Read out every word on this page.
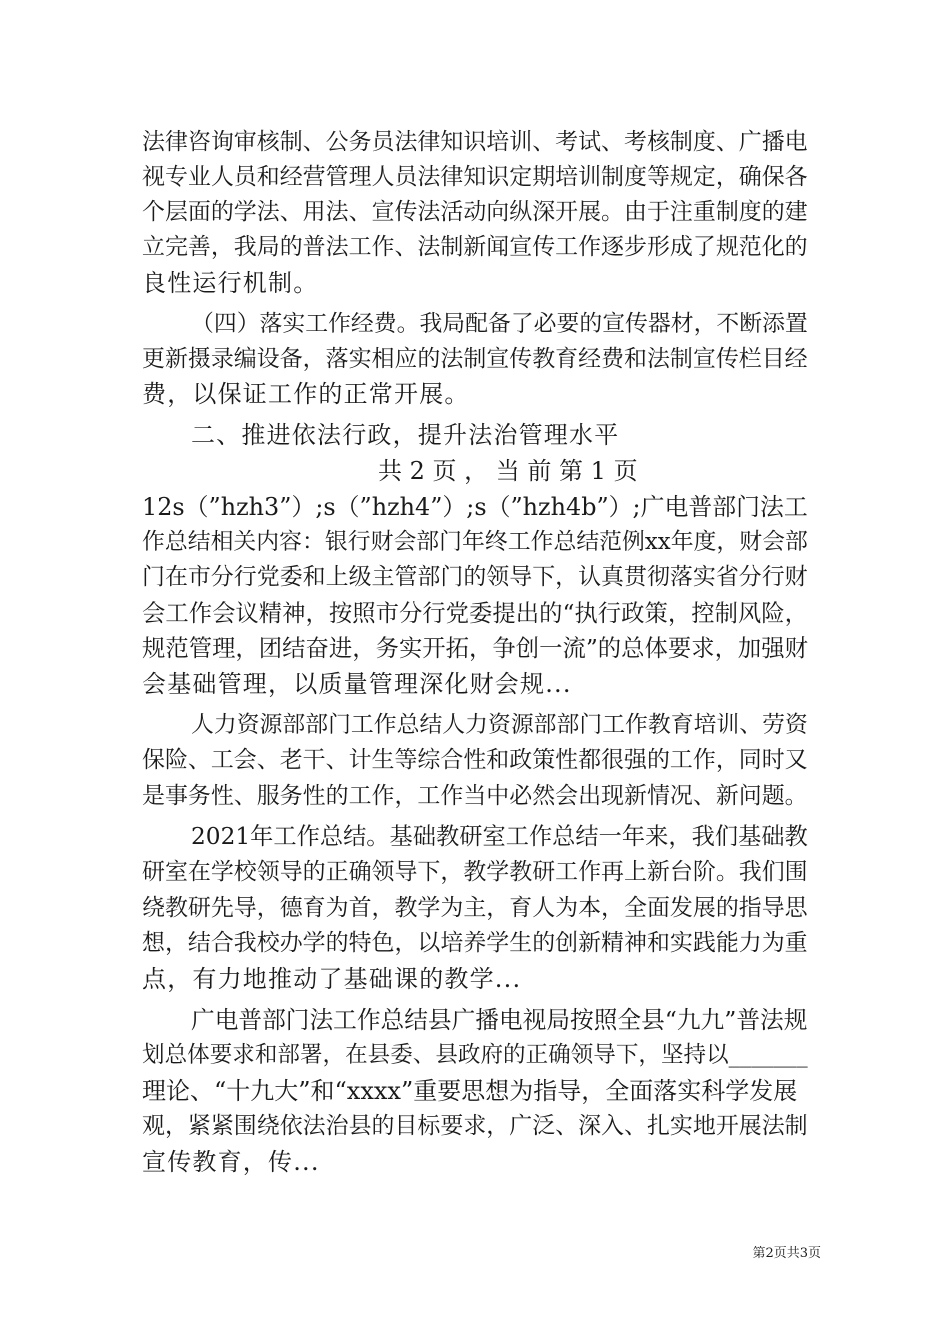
法律咨询审核制、公务员法律知识培训、考试、考核制度、广播电
视专业人员和经营管理人员法律知识定期培训制度等规定，确保各
个层面的学法、用法、宣传法活动向纵深开展。由于注重制度的建
立完善，我局的普法工作、法制新闻宣传工作逐步形成了规范化的
良性运行机制。
（四）落实工作经费。我局配备了必要的宣传器材，不断添置
更新摄录编设备，落实相应的法制宣传教育经费和法制宣传栏目经
费，以保证工作的正常开展。
二、推进依法行政，提升法治管理水平
共 2 页 ， 当 前 第 1 页
12s（”hzh3”）;s（”hzh4”）;s（”hzh4b”）;广电普部门法工
作总结相关内容：银行财会部门年终工作总结范例xx年度，财会部
门在市分行党委和上级主管部门的领导下，认真贯彻落实省分行财
会工作会议精神，按照市分行党委提出的“执行政策，控制风险，
规范管理，团结奋进，务实开拓，争创一流”的总体要求，加强财
会基础管理，以质量管理深化财会规...
人力资源部部门工作总结人力资源部部门工作教育培训、劳资
保险、工会、老干、计生等综合性和政策性都很强的工作，同时又
是事务性、服务性的工作，工作当中必然会出现新情况、新问题。
2021年工作总结。基础教研室工作总结一年来，我们基础教
研室在学校领导的正确领导下，教学教研工作再上新台阶。我们围
绕教研先导，德育为首，教学为主，育人为本，全面发展的指导思
想，结合我校办学的特色，以培养学生的创新精神和实践能力为重
点，有力地推动了基础课的教学...
广电普部门法工作总结县广播电视局按照全县“九九”普法规
划总体要求和部署，在县委、县政府的正确领导下，坚持以_______
理论、“十九大”和“xxxx”重要思想为指导，全面落实科学发展
观，紧紧围绕依法治县的目标要求，广泛、深入、扎实地开展法制
宣传教育，传...
第2页共3页
